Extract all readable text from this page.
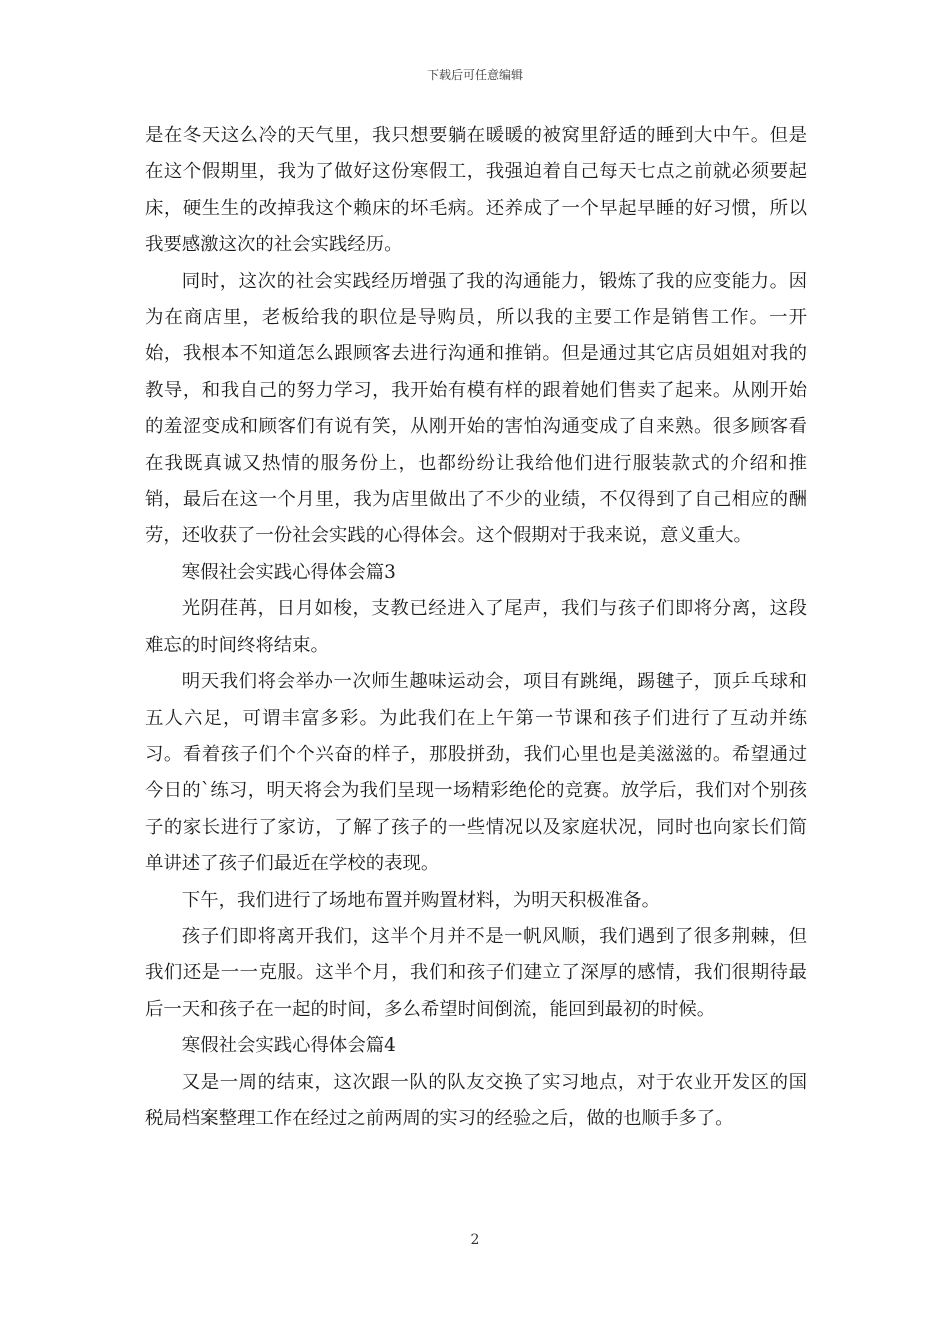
下载后可任意编辑

是在冬天这么冷的天气里，我只想要躺在暖暖的被窝里舒适的睡到大中午。但是在这个假期里，我为了做好这份寒假工，我强迫着自己每天七点之前就必须要起床，硬生生的改掉我这个赖床的坏毛病。还养成了一个早起早睡的好习惯，所以我要感激这次的社会实践经历。

同时，这次的社会实践经历增强了我的沟通能力，锻炼了我的应变能力。因为在商店里，老板给我的职位是导购员，所以我的主要工作是销售工作。一开始，我根本不知道怎么跟顾客去进行沟通和推销。但是通过其它店员姐姐对我的教导，和我自己的努力学习，我开始有模有样的跟着她们售卖了起来。从刚开始的羞涩变成和顾客们有说有笑，从刚开始的害怕沟通变成了自来熟。很多顾客看在我既真诚又热情的服务份上，也都纷纷让我给他们进行服装款式的介绍和推销，最后在这一个月里，我为店里做出了不少的业绩，不仅得到了自己相应的酬劳，还收获了一份社会实践的心得体会。这个假期对于我来说，意义重大。

寒假社会实践心得体会篇3

光阴荏苒，日月如梭，支教已经进入了尾声，我们与孩子们即将分离，这段难忘的时间终将结束。

明天我们将会举办一次师生趣味运动会，项目有跳绳，踢毽子，顶乒乓球和五人六足，可谓丰富多彩。为此我们在上午第一节课和孩子们进行了互动并练习。看着孩子们个个兴奋的样子，那股拼劲，我们心里也是美滋滋的。希望通过今日的`练习，明天将会为我们呈现一场精彩绝伦的竞赛。放学后，我们对个别孩子的家长进行了家访，了解了孩子的一些情况以及家庭状况，同时也向家长们简单讲述了孩子们最近在学校的表现。

下午，我们进行了场地布置并购置材料，为明天积极准备。

孩子们即将离开我们，这半个月并不是一帆风顺，我们遇到了很多荆棘，但我们还是一一克服。这半个月，我们和孩子们建立了深厚的感情，我们很期待最后一天和孩子在一起的时间，多么希望时间倒流，能回到最初的时候。

寒假社会实践心得体会篇4

又是一周的结束，这次跟一队的队友交换了实习地点，对于农业开发区的国税局档案整理工作在经过之前两周的实习的经验之后，做的也顺手多了。

2
